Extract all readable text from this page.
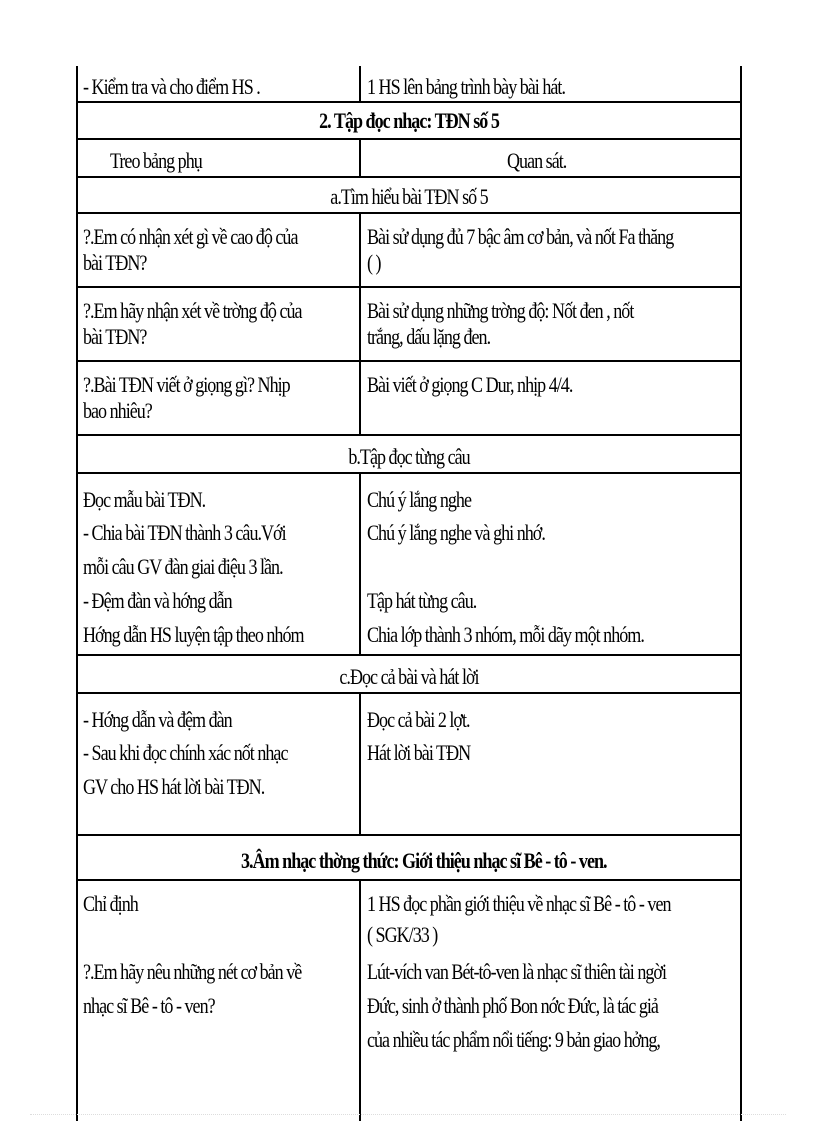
- Kiểm tra và cho điểm HS .	1 HS lên bảng trình bày bài hát.
2. Tập đọc nhạc: TĐN số 5
Treo bảng phụ	Quan sát.
a.Tìm hiểu bài TĐN số 5
?.Em có nhận xét gì về cao độ của
bài TĐN?
Bài sử dụng đủ 7 bậc âm cơ bản, và nốt Fa thăng
( )
?.Em hãy nhận xét về trờng độ của
bài TĐN?
Bài sử dụng những trờng độ: Nốt đen , nốt
trắng, dấu lặng đen.
?.Bài TĐN viết ở giọng gì? Nhịp
bao nhiêu?
Bài viết ở giọng C Dur, nhịp 4/4.
b.Tập đọc từng câu
Đọc mẫu bài TĐN.
- Chia bài TĐN thành 3 câu.Với
mỗi câu GV đàn giai điệu 3 lần.
- Đệm đàn và hớng dẫn
Hớng dẫn HS luyện tập theo nhóm
Chú ý lắng nghe
Chú ý lắng nghe và ghi nhớ.
Tập hát từng câu.
Chia lớp thành 3 nhóm, mỗi dãy một nhóm.
c.Đọc cả bài và hát lời
- Hớng dẫn và đệm đàn
- Sau khi đọc chính xác nốt nhạc
GV cho HS hát lời bài TĐN.
Đọc cả bài 2 lợt.
Hát lời bài TĐN
3.Âm nhạc thờng thức: Giới thiệu nhạc sĩ Bê - tô - ven.
Chỉ định
?.Em hãy nêu những nét cơ bản về
nhạc sĩ Bê - tô - ven?
1 HS đọc phần giới thiệu về nhạc sĩ Bê - tô - ven
( SGK/33 )
Lút-vích van Bét-tô-ven là nhạc sĩ thiên tài ngời
Đức, sinh ở thành phố Bon nớc Đức, là tác giả
của nhiều tác phẩm nổi tiếng: 9 bản giao hởng,
